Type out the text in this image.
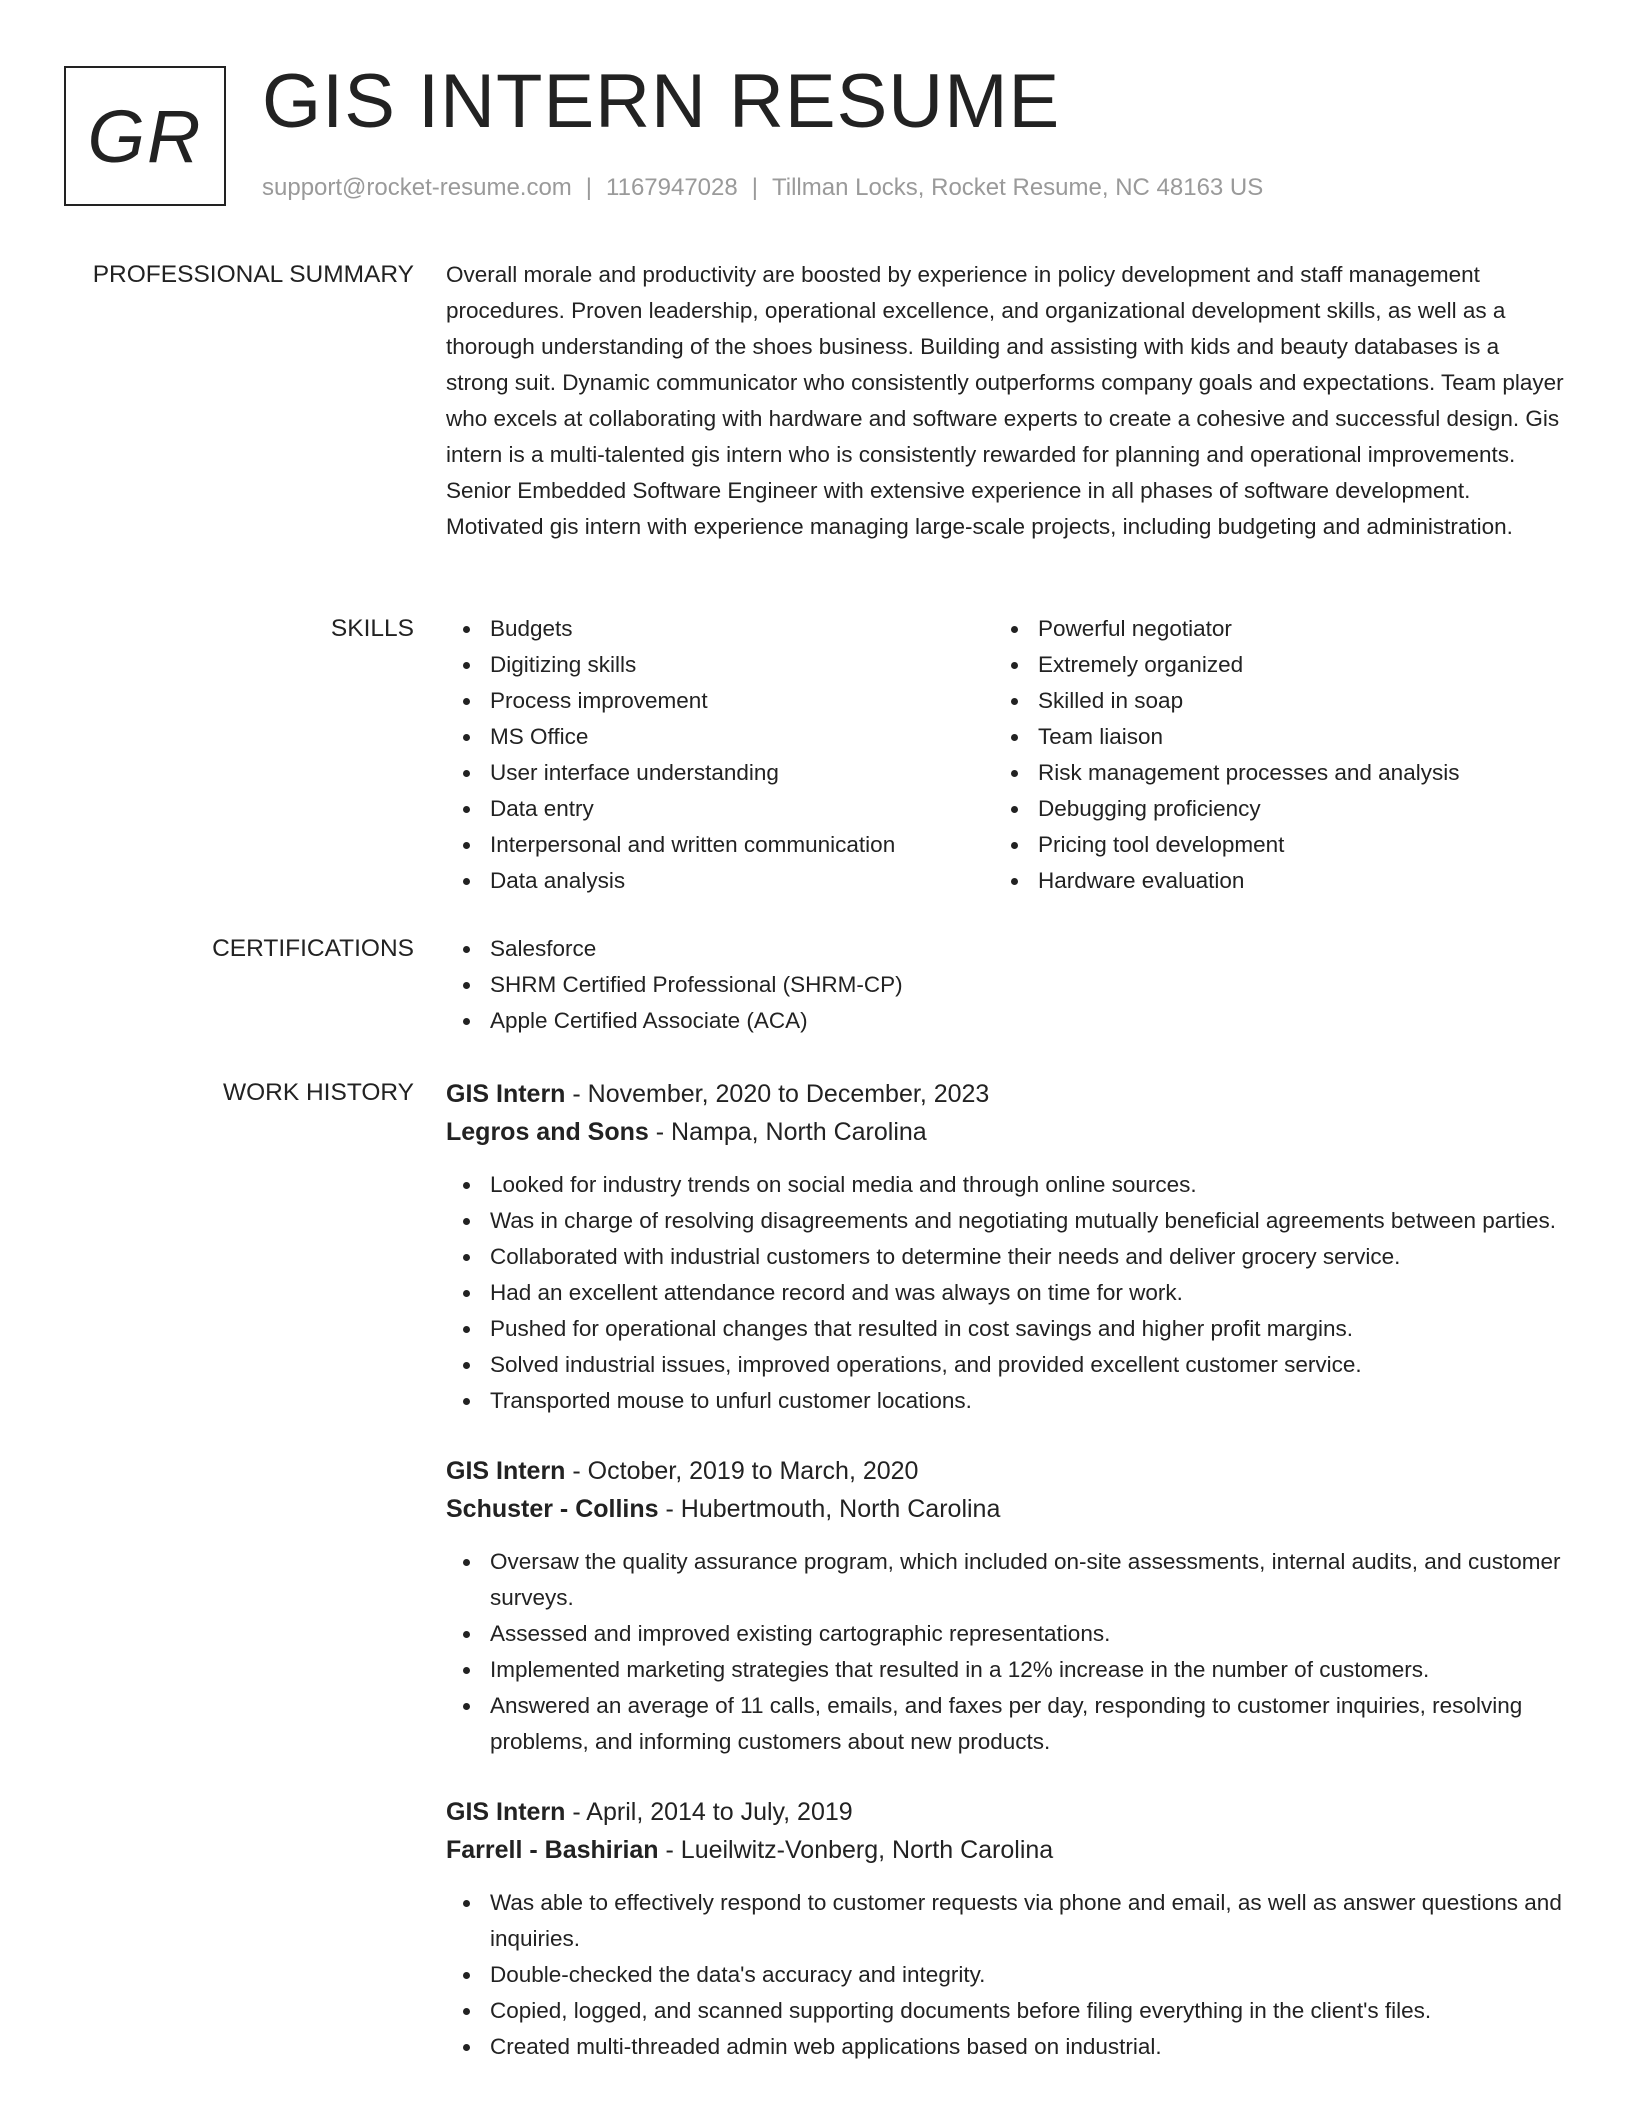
GR GIS INTERN RESUME
support@rocket-resume.com | 1167947028 | Tillman Locks, Rocket Resume, NC 48163 US
PROFESSIONAL SUMMARY Overall morale and productivity are boosted by experience in policy development and staff management procedures. Proven leadership, operational excellence, and organizational development skills, as well as a thorough understanding of the shoes business. Building and assisting with kids and beauty databases is a strong suit. Dynamic communicator who consistently outperforms company goals and expectations. Team player who excels at collaborating with hardware and software experts to create a cohesive and successful design. Gis intern is a multi-talented gis intern who is consistently rewarded for planning and operational improvements. Senior Embedded Software Engineer with extensive experience in all phases of software development. Motivated gis intern with experience managing large-scale projects, including budgeting and administration.

SKILLS	Budgets
Digitizing skills
Process improvement
MS Office
User interface understanding
Data entry
Interpersonal and written communication
Data analysis
Powerful negotiator
Extremely organized
Skilled in soap
Team liaison
Risk management processes and analysis
Debugging proficiency
Pricing tool development
Hardware evaluation
CERTIFICATIONS	Salesforce
SHRM Certified Professional (SHRM-CP)
Apple Certified Associate (ACA)
WORK HISTORY GIS Intern - November, 2020 to December, 2023
Legros and Sons - Nampa, North Carolina
Looked for industry trends on social media and through online sources.
Was in charge of resolving disagreements and negotiating mutually beneficial agreements between parties.
Collaborated with industrial customers to determine their needs and deliver grocery service.
Had an excellent attendance record and was always on time for work.
Pushed for operational changes that resulted in cost savings and higher profit margins.
Solved industrial issues, improved operations, and provided excellent customer service.
Transported mouse to unfurl customer locations.
GIS Intern - October, 2019 to March, 2020
Schuster - Collins - Hubertmouth, North Carolina
Oversaw the quality assurance program, which included on-site assessments, internal audits, and customer surveys.
Assessed and improved existing cartographic representations.
Implemented marketing strategies that resulted in a 12% increase in the number of customers.
Answered an average of 11 calls, emails, and faxes per day, responding to customer inquiries, resolving problems, and informing customers about new products.
GIS Intern - April, 2014 to July, 2019
Farrell - Bashirian - Lueilwitz-Vonberg, North Carolina
Was able to effectively respond to customer requests via phone and email, as well as answer questions and inquiries.
Double-checked the data's accuracy and integrity.
Copied, logged, and scanned supporting documents before filing everything in the client's files.
Created multi-threaded admin web applications based on industrial.
